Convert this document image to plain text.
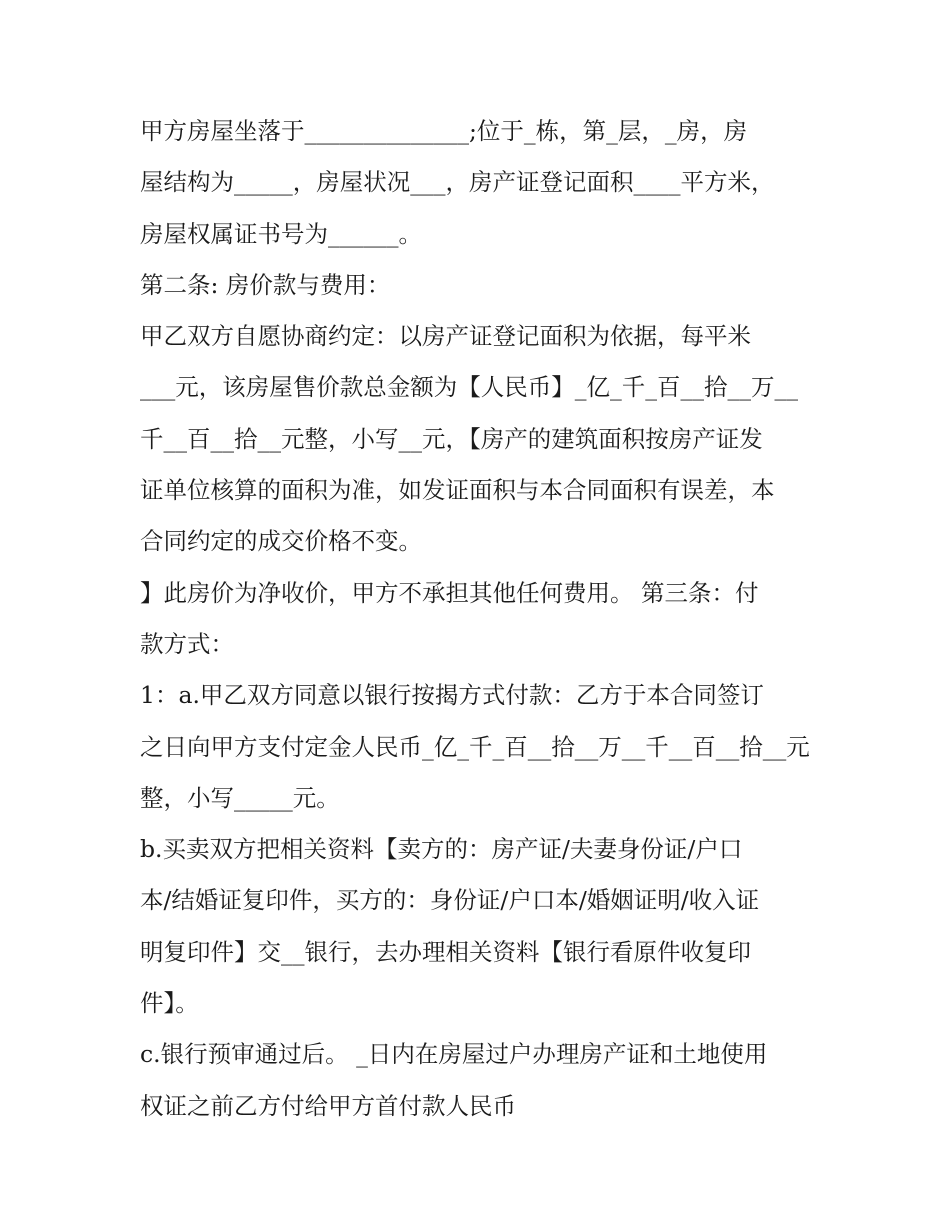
甲方房屋坐落于______________;位于_栋，第_层，_房，房
屋结构为_____，房屋状况___，房产证登记面积____平方米，
房屋权属证书号为______。
第二条: 房价款与费用：
甲乙双方自愿协商约定：以房产证登记面积为依据，每平米
___元，该房屋售价款总金额为【人民币】_亿_千_百__拾__万__
千__百__拾__元整，小写__元，【房产的建筑面积按房产证发
证单位核算的面积为准，如发证面积与本合同面积有误差，本
合同约定的成交价格不变。
】此房价为净收价，甲方不承担其他任何费用。 第三条：付
款方式：
1：a.甲乙双方同意以银行按揭方式付款：乙方于本合同签订
之日向甲方支付定金人民币_亿_千_百__拾__万__千__百__拾__元
整，小写_____元。
b.买卖双方把相关资料【卖方的：房产证/夫妻身份证/户口
本/结婚证复印件，买方的：身份证/户口本/婚姻证明/收入证
明复印件】交__银行，去办理相关资料【银行看原件收复印
件】。
c.银行预审通过后。 _日内在房屋过户办理房产证和土地使用
权证之前乙方付给甲方首付款人民币
